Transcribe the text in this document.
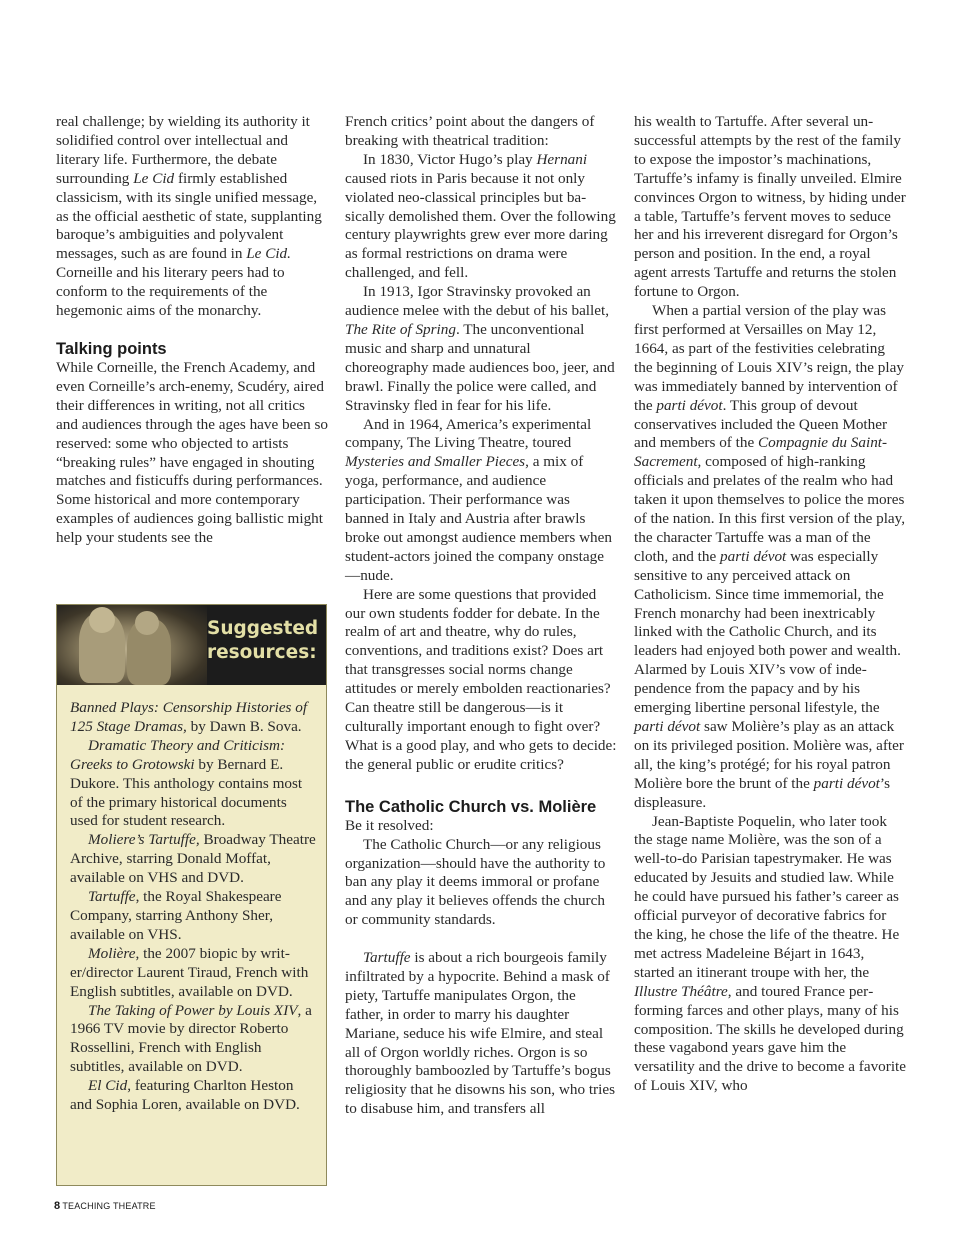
real challenge; by wielding its authority it solidified control over intellectual and literary life. Furthermore, the debate surrounding Le Cid firmly established classicism, with its single unified message, as the official aesthetic of state, supplanting baroque’s ambiguities and polyvalent messages, such as are found in Le Cid. Corneille and his literary peers had to conform to the requirements of the hegemonic aims of the monarchy.

Talking points

While Corneille, the French Academy, and even Corneille’s arch-enemy, Scudéry, aired their differences in writing, not all critics and audiences through the ages have been so reserved: some who objected to artists “breaking rules” have engaged in shouting matches and fisticuffs during performances. Some historical and more contemporary examples of audiences going ballistic might help your students see the

Suggested
resources:

Banned Plays: Censorship Histories of 125 Stage Dramas, by Dawn B. Sova.

Dramatic Theory and Criticism: Greeks to Grotowski by Bernard E. Dukore. This anthology contains most of the primary historical documents used for student research.

Moliere’s Tartuffe, Broadway Theatre Archive, starring Donald Moffat, available on VHS and DVD.

Tartuffe, the Royal Shakespeare Company, starring Anthony Sher, available on VHS.

Molière, the 2007 biopic by writer/director Laurent Tiraud, French with English subtitles, available on DVD.

The Taking of Power by Louis XIV, a 1966 TV movie by director Roberto Rossellini, French with English subtitles, available on DVD.

El Cid, featuring Charlton Heston and Sophia Loren, available on DVD.

French critics’ point about the dangers of breaking with theatrical tradition:

In 1830, Victor Hugo’s play Hernani caused riots in Paris because it not only violated neo-classical principles but basically demolished them. Over the following century playwrights grew ever more daring as formal restrictions on drama were challenged, and fell.

In 1913, Igor Stravinsky provoked an audience melee with the debut of his ballet, The Rite of Spring. The unconventional music and sharp and unnatural choreography made audiences boo, jeer, and brawl. Finally the police were called, and Stravinsky fled in fear for his life.

And in 1964, America’s experimental company, The Living Theatre, toured Mysteries and Smaller Pieces, a mix of yoga, performance, and audience participation. Their performance was banned in Italy and Austria after brawls broke out amongst audience members when student-actors joined the company onstage—nude.

Here are some questions that provided our own students fodder for debate. In the realm of art and theatre, why do rules, conventions, and traditions exist? Does art that transgresses social norms change attitudes or merely embolden reactionaries? Can theatre still be dangerous—is it culturally important enough to fight over? What is a good play, and who gets to decide: the general public or erudite critics?

The Catholic Church vs. Molière

Be it resolved:

The Catholic Church—or any religious organization—should have the authority to ban any play it deems immoral or profane and any play it believes offends the church or community standards.

Tartuffe is about a rich bourgeois family infiltrated by a hypocrite. Behind a mask of piety, Tartuffe manipulates Orgon, the father, in order to marry his daughter Mariane, seduce his wife Elmire, and steal all of Orgon worldly riches. Orgon is so thoroughly bamboozled by Tartuffe’s bogus religiosity that he disowns his son, who tries to disabuse him, and transfers all

his wealth to Tartuffe. After several unsuccessful attempts by the rest of the family to expose the impostor’s machinations, Tartuffe’s infamy is finally unveiled. Elmire convinces Orgon to witness, by hiding under a table, Tartuffe’s fervent moves to seduce her and his irreverent disregard for Orgon’s person and position. In the end, a royal agent arrests Tartuffe and returns the stolen fortune to Orgon.

When a partial version of the play was first performed at Versailles on May 12, 1664, as part of the festivities celebrating the beginning of Louis XIV’s reign, the play was immediately banned by intervention of the parti dévot. This group of devout conservatives included the Queen Mother and members of the Compagnie du Saint-Sacrement, composed of high-ranking officials and prelates of the realm who had taken it upon themselves to police the mores of the nation. In this first version of the play, the character Tartuffe was a man of the cloth, and the parti dévot was especially sensitive to any perceived attack on Catholicism. Since time immemorial, the French monarchy had been inextricably linked with the Catholic Church, and its leaders had enjoyed both power and wealth. Alarmed by Louis XIV’s vow of independence from the papacy and by his emerging libertine personal lifestyle, the parti dévot saw Molière’s play as an attack on its privileged position. Molière was, after all, the king’s protégé; for his royal patron Molière bore the brunt of the parti dévot’s displeasure.

Jean-Baptiste Poquelin, who later took the stage name Molière, was the son of a well-to-do Parisian tapestrymaker. He was educated by Jesuits and studied law. While he could have pursued his father’s career as official purveyor of decorative fabrics for the king, he chose the life of the theatre. He met actress Madeleine Béjart in 1643, started an itinerant troupe with her, the Illustre Théâtre, and toured France performing farces and other plays, many of his composition. The skills he developed during these vagabond years gave him the versatility and the drive to become a favorite of Louis XIV, who

8 TEACHING THEATRE
